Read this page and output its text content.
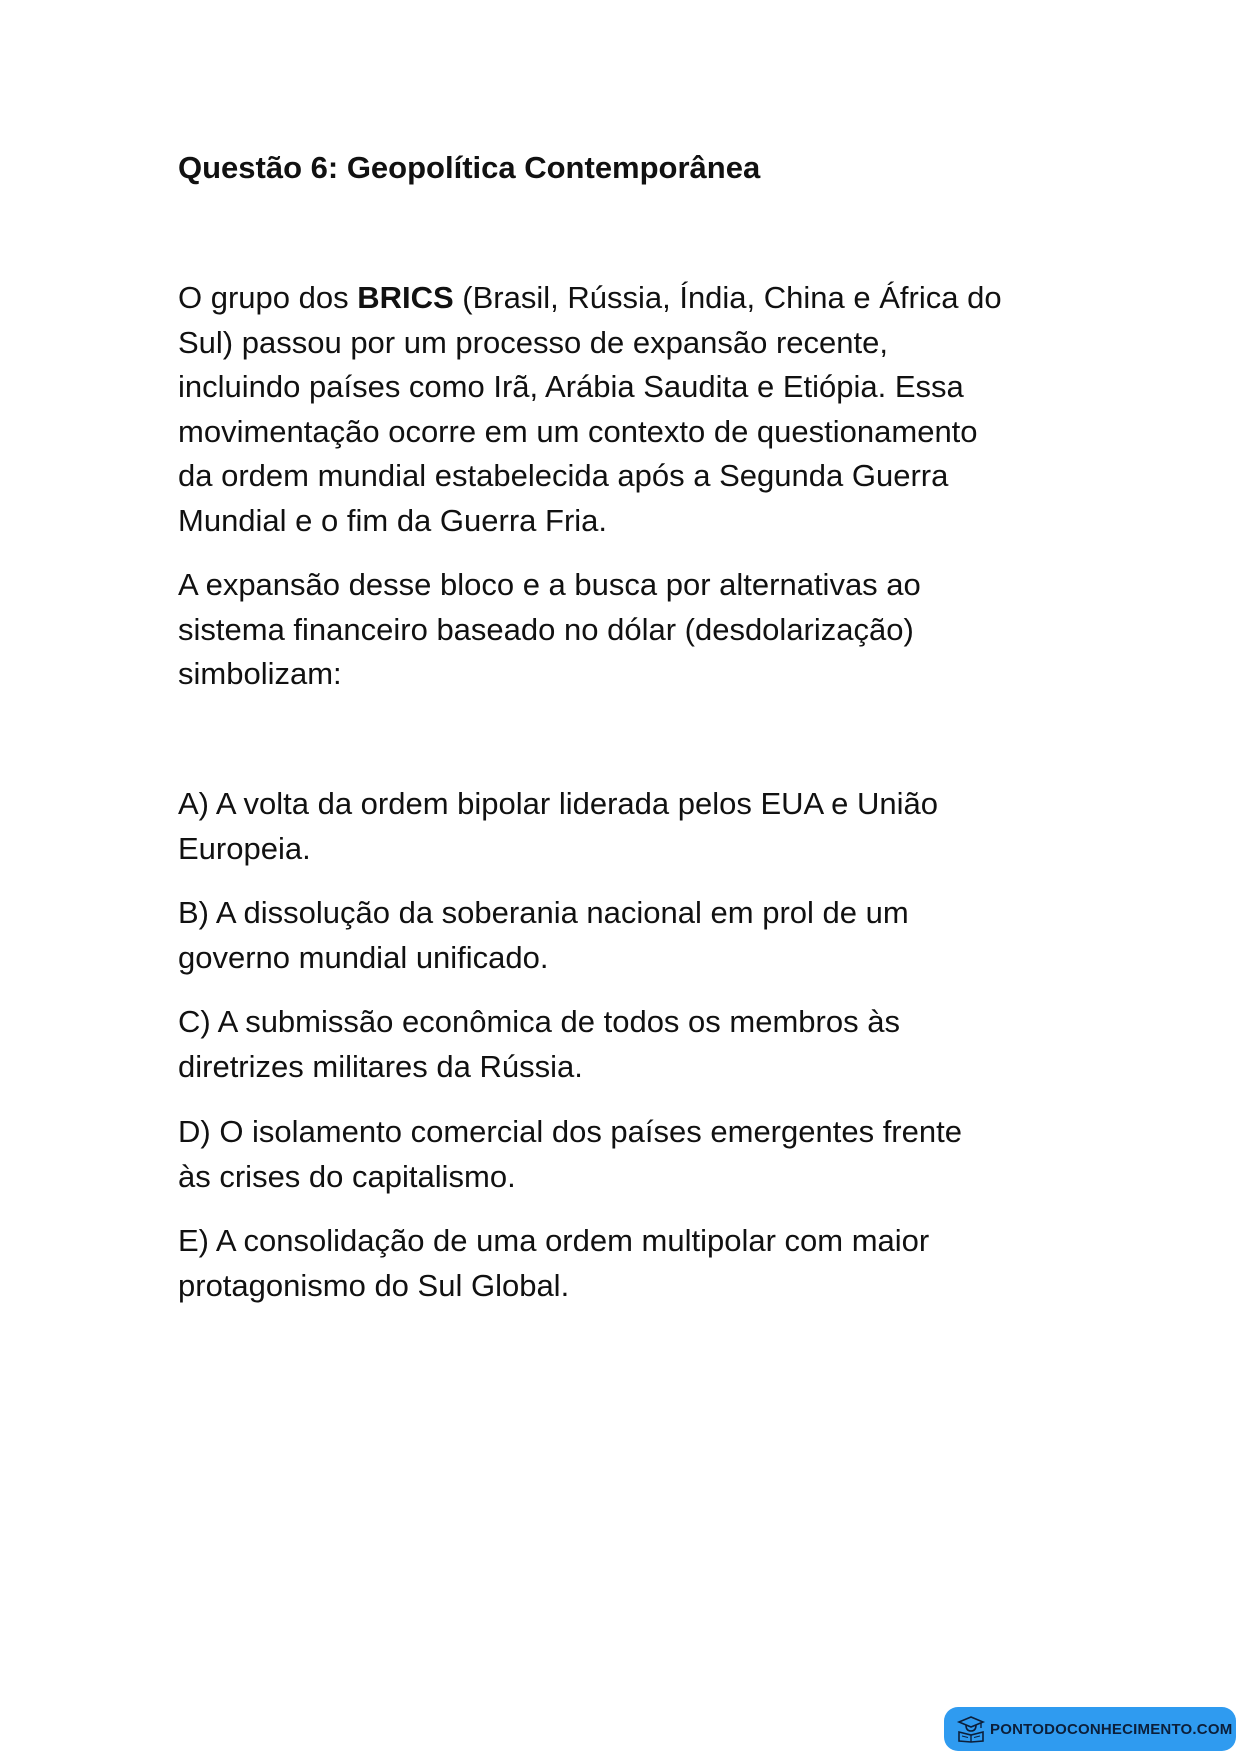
Questão 6: Geopolítica Contemporânea

O grupo dos BRICS (Brasil, Rússia, Índia, China e África do
Sul) passou por um processo de expansão recente,
incluindo países como Irã, Arábia Saudita e Etiópia. Essa
movimentação ocorre em um contexto de questionamento
da ordem mundial estabelecida após a Segunda Guerra
Mundial e o fim da Guerra Fria.

A expansão desse bloco e a busca por alternativas ao
sistema financeiro baseado no dólar (desdolarização)
simbolizam:

A) A volta da ordem bipolar liderada pelos EUA e União
Europeia.

B) A dissolução da soberania nacional em prol de um
governo mundial unificado.

C) A submissão econômica de todos os membros às
diretrizes militares da Rússia.

D) O isolamento comercial dos países emergentes frente
às crises do capitalismo.

E) A consolidação de uma ordem multipolar com maior
protagonismo do Sul Global.

PONTODOCONHECIMENTO.COM
